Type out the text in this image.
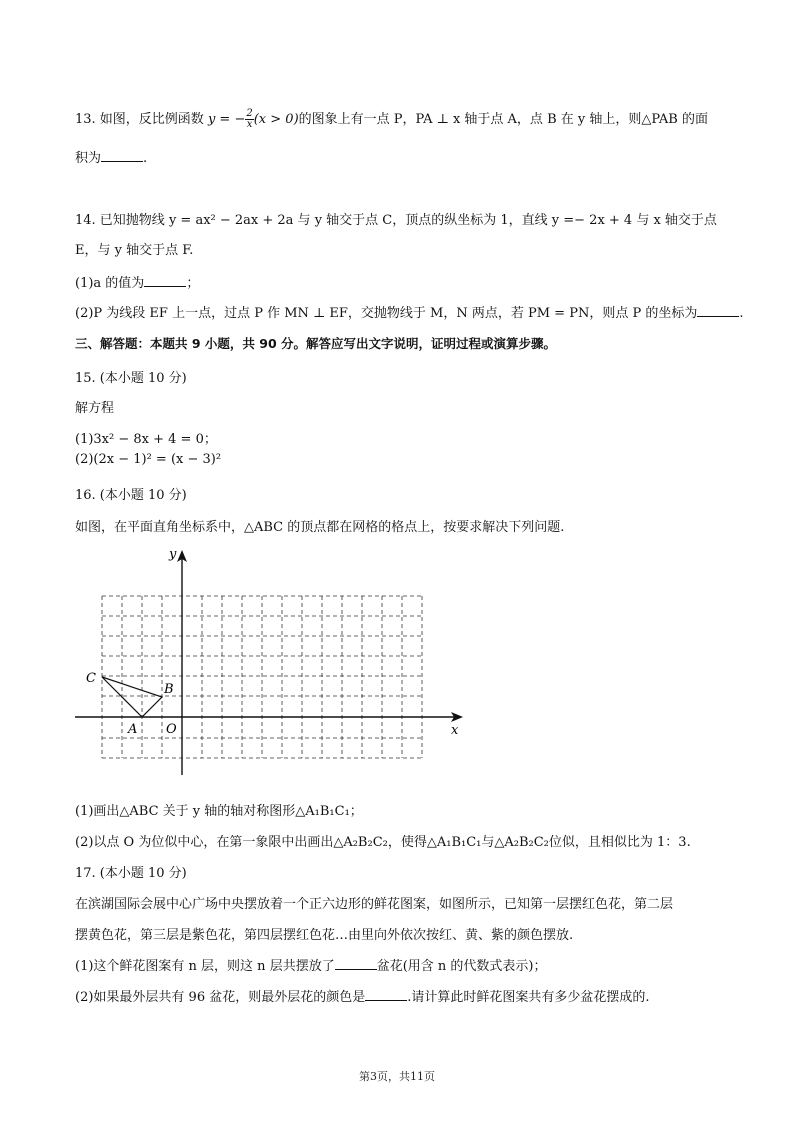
13. 如图，反比例函数 y = − $\frac{2}{x} (x > 0)$的图象上有一点 P，PA ⊥ x 轴于点 A，点 B 在 y 轴上，则△PAB 的面
积为	.
14. 已知抛物线 y = ax² − 2ax + 2a 与 y 轴交于点 C，顶点的纵坐标为 1，直线 y =− 2x + 4 与 x 轴交于点
E，与 y 轴交于点 F.
(1)a 的值为	；
(2)P 为线段 EF 上一点，过点 P 作 MN ⊥ EF，交抛物线于 M，N 两点，若 PM = PN，则点 P 的坐标为	.
三、解答题：本题共 9 小题，共 90 分。解答应写出文字说明，证明过程或演算步骤。
15. (本小题 10 分)
解方程
(1)3x² − 8x + 4 = 0；
(2)(2x − 1)² = (x − 3)²
16. (本小题 10 分)
如图，在平面直角坐标系中，△ABC 的顶点都在网格的格点上，按要求解决下列问题.
x
y
C
B
A O
(1)画出△ABC 关于 y 轴的轴对称图形△A₁B₁C₁；
(2)以点 O 为位似中心，在第一象限中出画出△A₂B₂C₂，使得△A₁B₁C₁与△A₂B₂C₂位似，且相似比为 1：3.
17. (本小题 10 分)
在滨湖国际会展中心广场中央摆放着一个正六边形的鲜花图案，如图所示，已知第一层摆红色花，第二层
摆黄色花，第三层是紫色花，第四层摆红色花…由里向外依次按红、黄、紫的颜色摆放.
(1)这个鲜花图案有 n 层，则这 n 层共摆放了	盆花(用含 n 的代数式表示)；
(2)如果最外层共有 96 盆花，则最外层花的颜色是	.请计算此时鲜花图案共有多少盆花摆成的.
第3页，共11页
